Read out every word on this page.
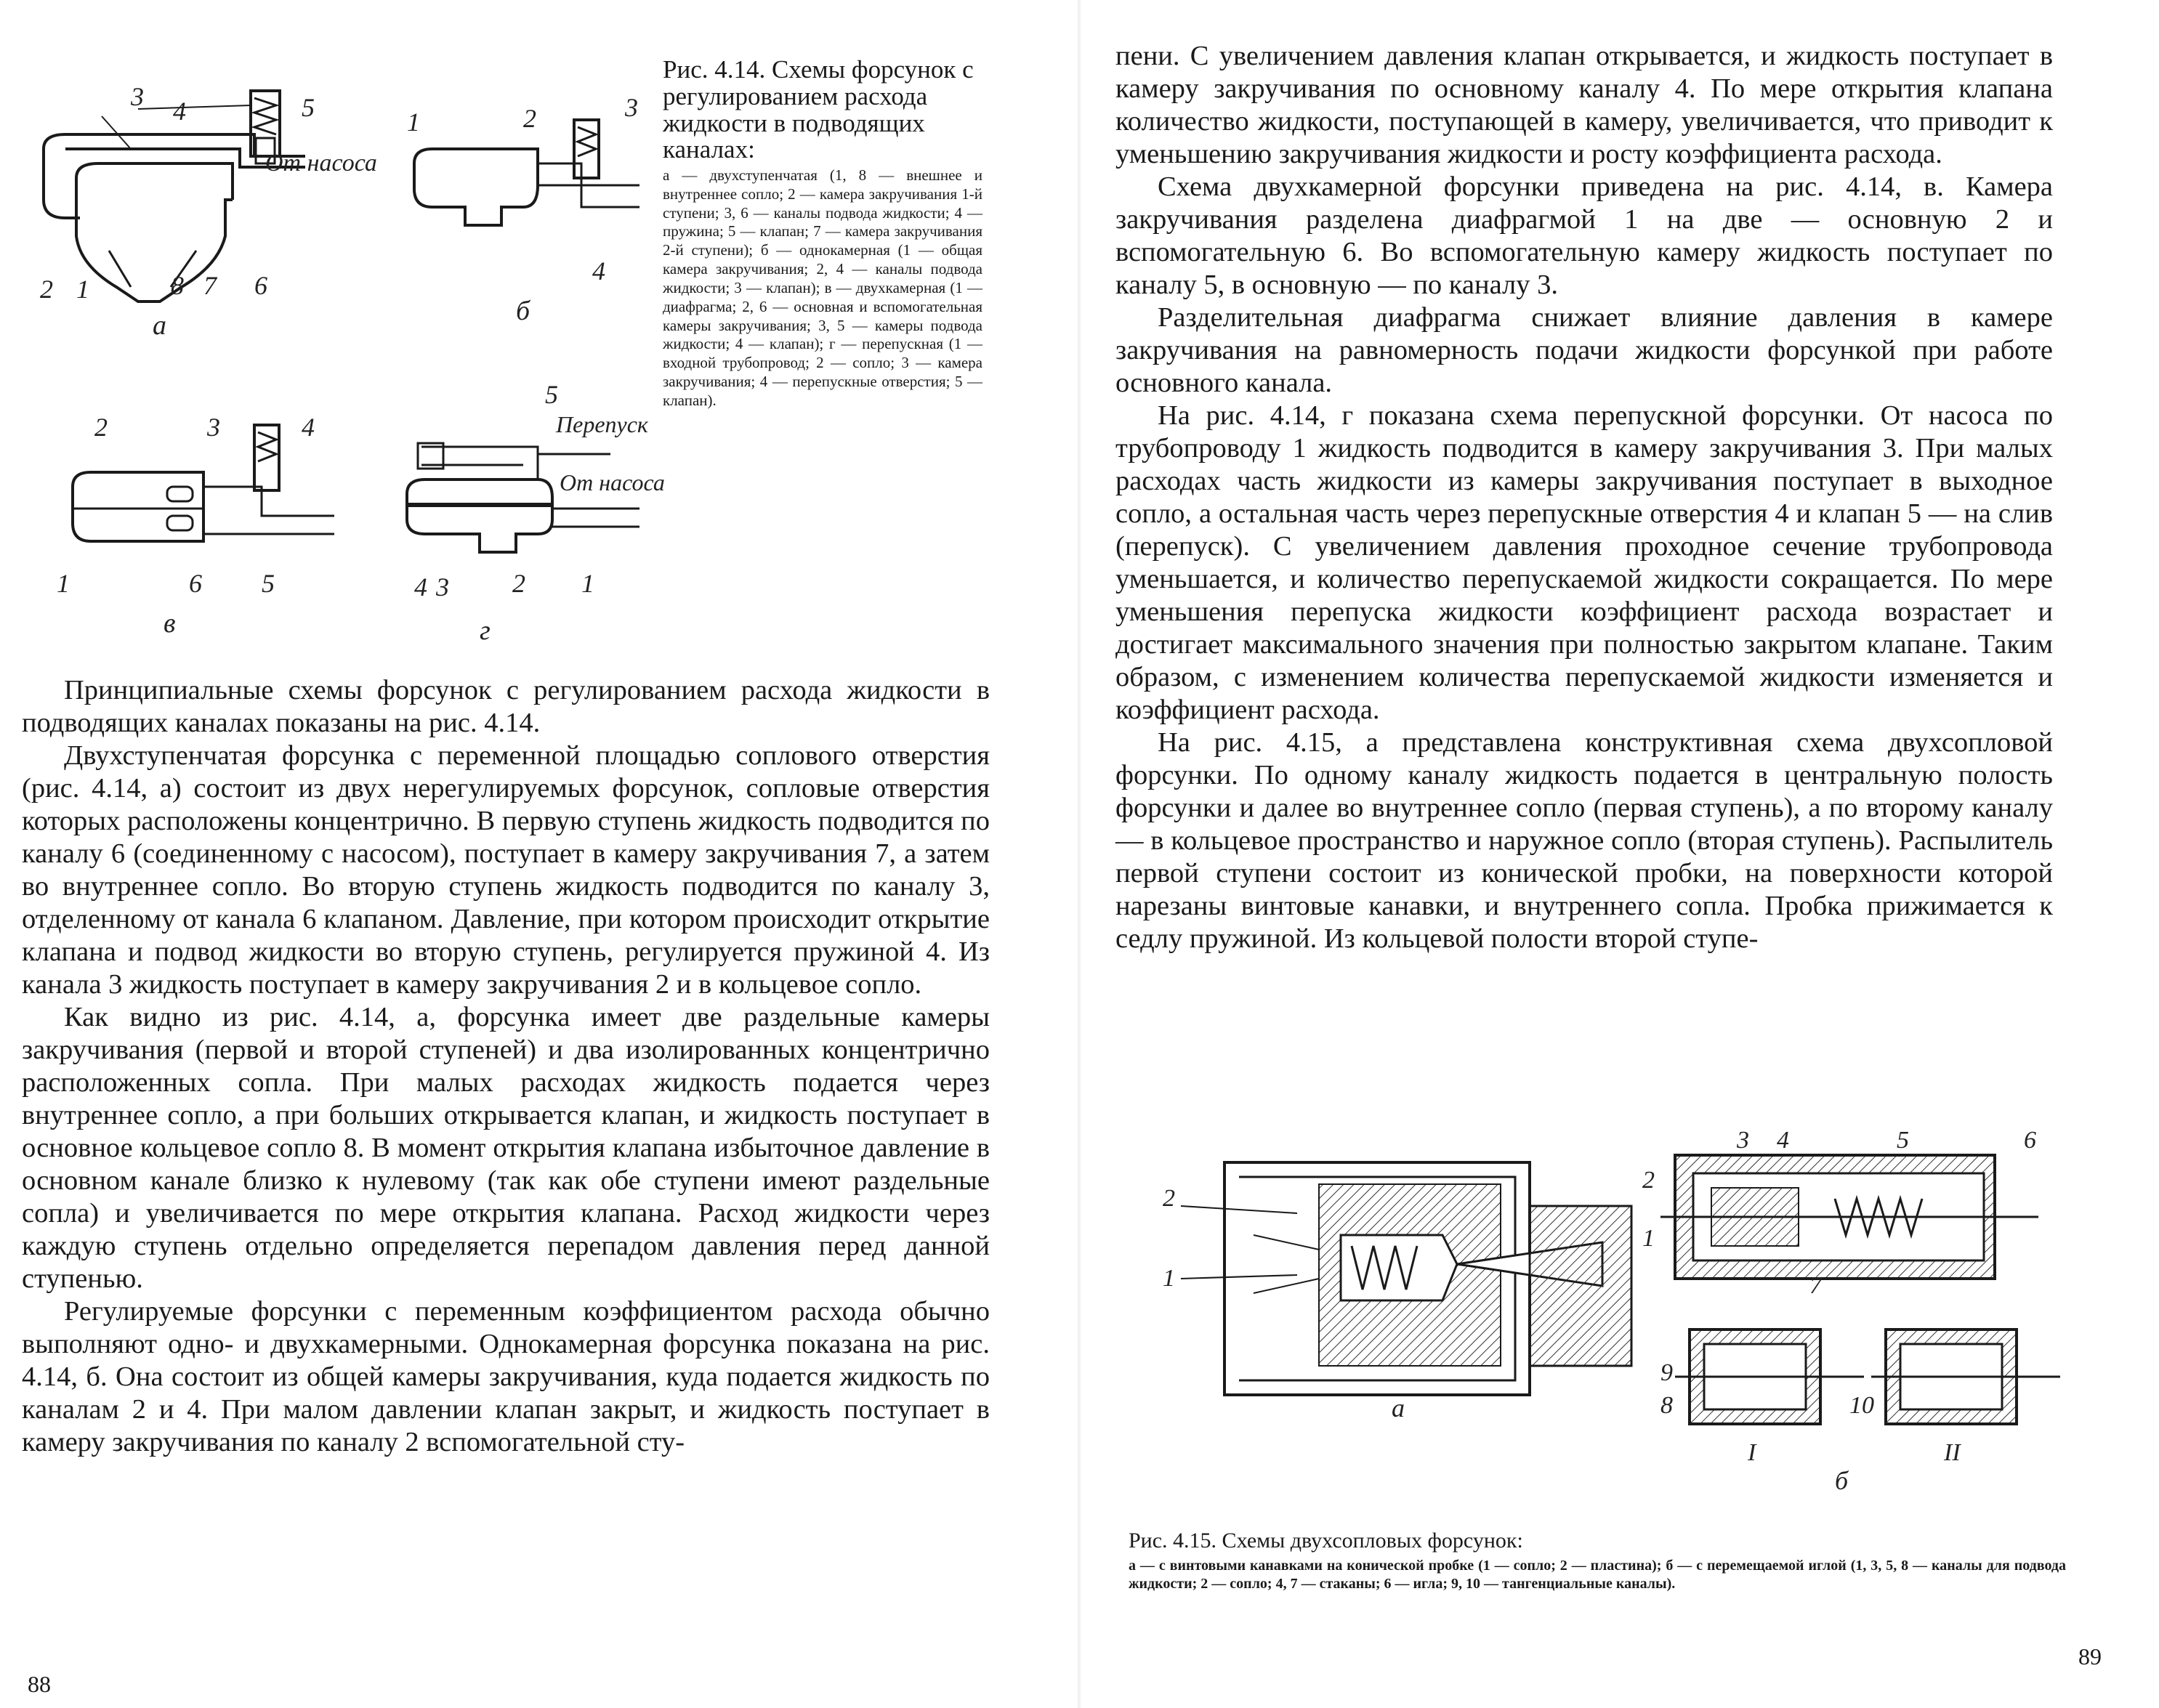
3 4	5
От насоса
2 1	8 7 6
а
1	2	3
4
б
2	3	4
1	6 5
в
5
Перепуск
От насоса
4 3 2 1
г
Рис. 4.14. Схемы форсунок с регулированием расхода жидкости в подводящих каналах:
а — двухступенчатая (1, 8 — внешнее и внутреннее сопло; 2 — камера закручивания 1-й ступени; 3, 6 — каналы подвода жидкости; 4 — пружина; 5 — клапан; 7 — камера закручивания 2-й ступени); б — однокамерная (1 — общая камера закручивания; 2, 4 — каналы подвода жидкости; 3 — клапан); в — двухкамерная (1 — диафрагма; 2, 6 — основная и вспомогательная камеры закручивания; 3, 5 — камеры подвода жидкости; 4 — клапан); г — перепускная (1 — входной трубопровод; 2 — сопло; 3 — камера закручивания; 4 — перепускные отверстия; 5 — клапан).

Принципиальные схемы форсунок с регулированием расхода жидкости в подводящих каналах показаны на рис. 4.14.

Двухступенчатая форсунка с переменной площадью соплового отверстия (рис. 4.14, а) состоит из двух нерегулируемых форсунок, сопловые отверстия которых расположены концентрично. В первую ступень жидкость подводится по каналу 6 (соединенному с насосом), поступает в камеру закручивания 7, а затем во внутреннее сопло. Во вторую ступень жидкость подводится по каналу 3, отделенному от канала 6 клапаном. Давление, при котором происходит открытие клапана и подвод жидкости во вторую ступень, регулируется пружиной 4. Из канала 3 жидкость поступает в камеру закручивания 2 и в кольцевое сопло.

Как видно из рис. 4.14, а, форсунка имеет две раздельные камеры закручивания (первой и второй ступеней) и два изолированных концентрично расположенных сопла. При малых расходах жидкость подается через внутреннее сопло, а при больших открывается клапан, и жидкость поступает в основное кольцевое сопло 8. В момент открытия клапана избыточное давление в основном канале близко к нулевому (так как обе ступени имеют раздельные сопла) и увеличивается по мере открытия клапана. Расход жидкости через каждую ступень отдельно определяется перепадом давления перед данной ступенью.

Регулируемые форсунки с переменным коэффициентом расхода обычно выполняют одно- и двухкамерными. Однокамерная форсунка показана на рис. 4.14, б. Она состоит из общей камеры закручивания, куда подается жидкость по каналам 2 и 4. При малом давлении клапан закрыт, и жидкость поступает в камеру закручивания по каналу 2 вспомогательной сту-

88

пени. С увеличением давления клапан открывается, и жидкость поступает в камеру закручивания по основному каналу 4. По мере открытия клапана количество жидкости, поступающей в камеру, увеличивается, что приводит к уменьшению закручивания жидкости и росту коэффициента расхода.

Схема двухкамерной форсунки приведена на рис. 4.14, в. Камера закручивания разделена диафрагмой 1 на две — основную 2 и вспомогательную 6. Во вспомогательную камеру жидкость поступает по каналу 5, в основную — по каналу 3.

Разделительная диафрагма снижает влияние давления в камере закручивания на равномерность подачи жидкости форсункой при работе основного канала.

На рис. 4.14, г показана схема перепускной форсунки. От насоса по трубопроводу 1 жидкость подводится в камеру закручивания 3. При малых расходах часть жидкости из камеры закручивания поступает в выходное сопло, а остальная часть через перепускные отверстия 4 и клапан 5 — на слив (перепуск). С увеличением давления проходное сечение трубопровода уменьшается, и количество перепускаемой жидкости сокращается. По мере уменьшения перепуска жидкости коэффициент расхода возрастает и достигает максимального значения при полностью закрытом клапане. Таким образом, с изменением количества перепускаемой жидкости изменяется и коэффициент расхода.

На рис. 4.15, а представлена конструктивная схема двухсопловой форсунки. По одному каналу жидкость подается в центральную полость форсунки и далее во внутреннее сопло (первая ступень), а по второму каналу — в кольцевое пространство и наружное сопло (вторая ступень). Распылитель первой ступени состоит из конической пробки, на поверхности которой нарезаны винтовые канавки, и внутреннего сопла. Пробка прижимается к седлу пружиной. Из кольцевой полости второй ступе-

2
1
а
3 4	5	6
2
1
7
9
8
I
10
II
б
Рис. 4.15. Схемы двухсопловых форсунок:
а — с винтовыми канавками на конической пробке (1 — сопло; 2 — пластина); б — с перемещаемой иглой (1, 3, 5, 8 — каналы для подвода жидкости; 2 — сопло; 4, 7 — стаканы; 6 — игла; 9, 10 — тангенциальные каналы).
89
